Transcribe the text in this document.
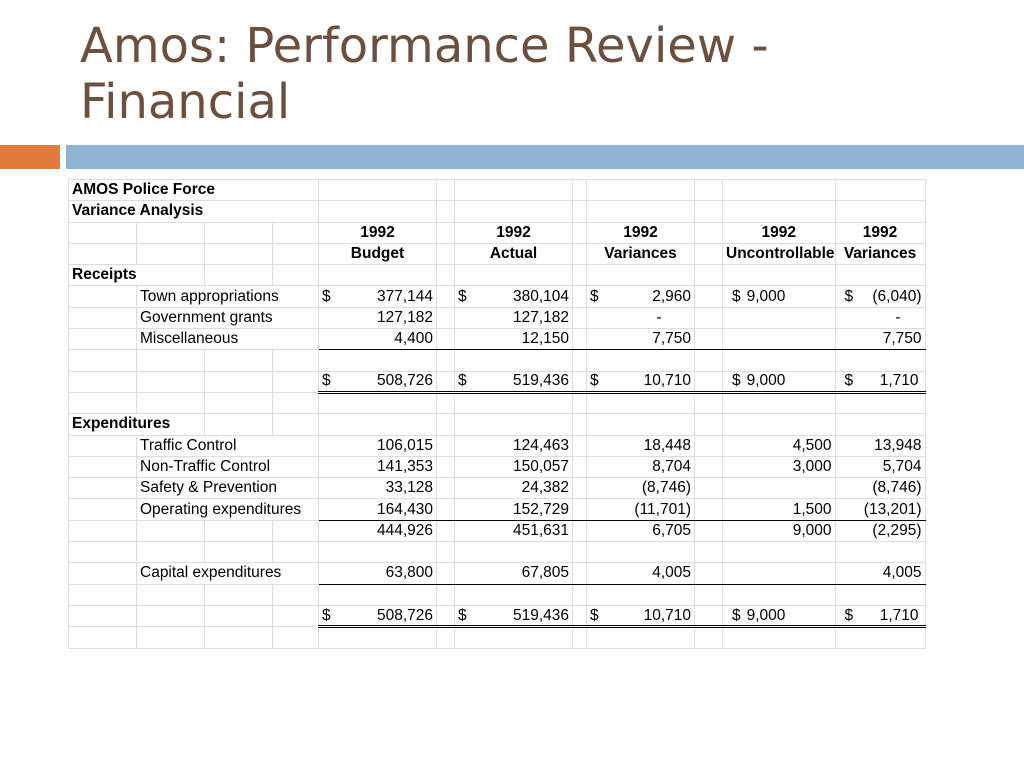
Amos: Performance Review -
Financial
AMOS Police Force											
Variance Analysis											
				1992		1992		1992		1992	1992
				Budget		Actual		Variances		Uncontrollable	Variances
Receipts											
	Town appropriations			$ 377,144		$ 380,104		$ 2,960		$ 9,000	$ (6,040)

	Government grants			127,182		127,182		-			-
	Miscellaneous			4,400		12,150		7,750			7,750

				$ 508,726		$ 519,436		$ 10,710		$ 9,000	$ 1,710

Expenditures											
	Traffic Control			106,015		124,463		18,448		4,500	13,948
	Non-Traffic Control			141,353		150,057		8,704		3,000	5,704
	Safety & Prevention			33,128		24,382		(8,746)			(8,746)
	Operating expenditures			164,430		152,729		(11,701)		1,500	(13,201)
				444,926		451,631		6,705		9,000	(2,295)

	Capital expenditures			63,800		67,805		4,005			4,005

				$ 508,726		$ 519,436		$ 10,710		$ 9,000	$ 1,710
